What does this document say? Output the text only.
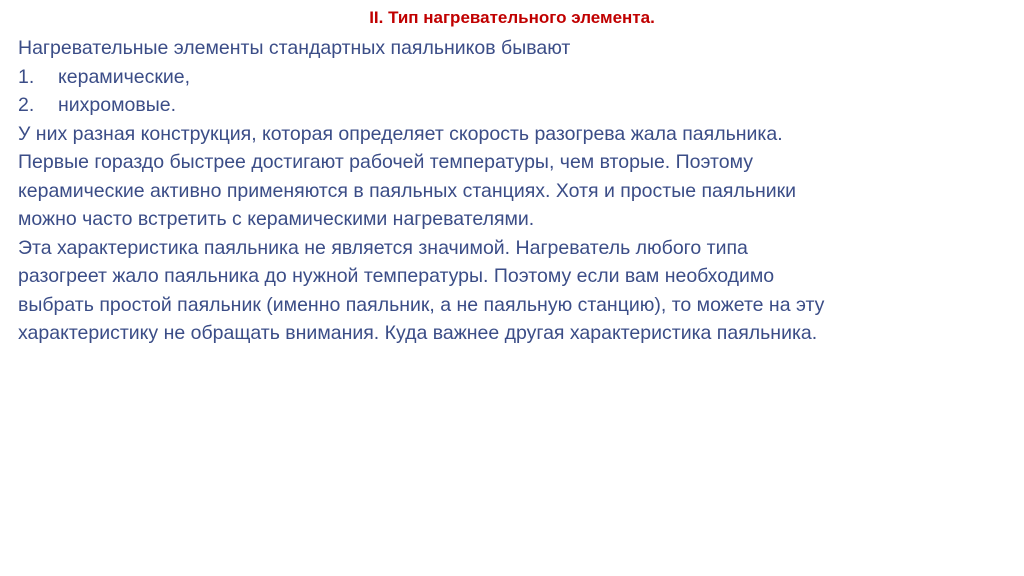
II. Тип нагревательного элемента.

Нагревательные элементы стандартных паяльников бывают

1.	керамические,
2.	нихромовые.

У них разная конструкция, которая определяет скорость разогрева жала паяльника.

Первые гораздо быстрее достигают рабочей температуры, чем вторые. Поэтому

керамические активно применяются в паяльных станциях. Хотя и простые паяльники

можно часто встретить с керамическими нагревателями.

Эта характеристика паяльника не является значимой. Нагреватель любого типа

разогреет жало паяльника до нужной температуры. Поэтому если вам необходимо

выбрать простой паяльник (именно паяльник, а не паяльную станцию), то можете на эту

характеристику не обращать внимания. Куда важнее другая характеристика паяльника.
